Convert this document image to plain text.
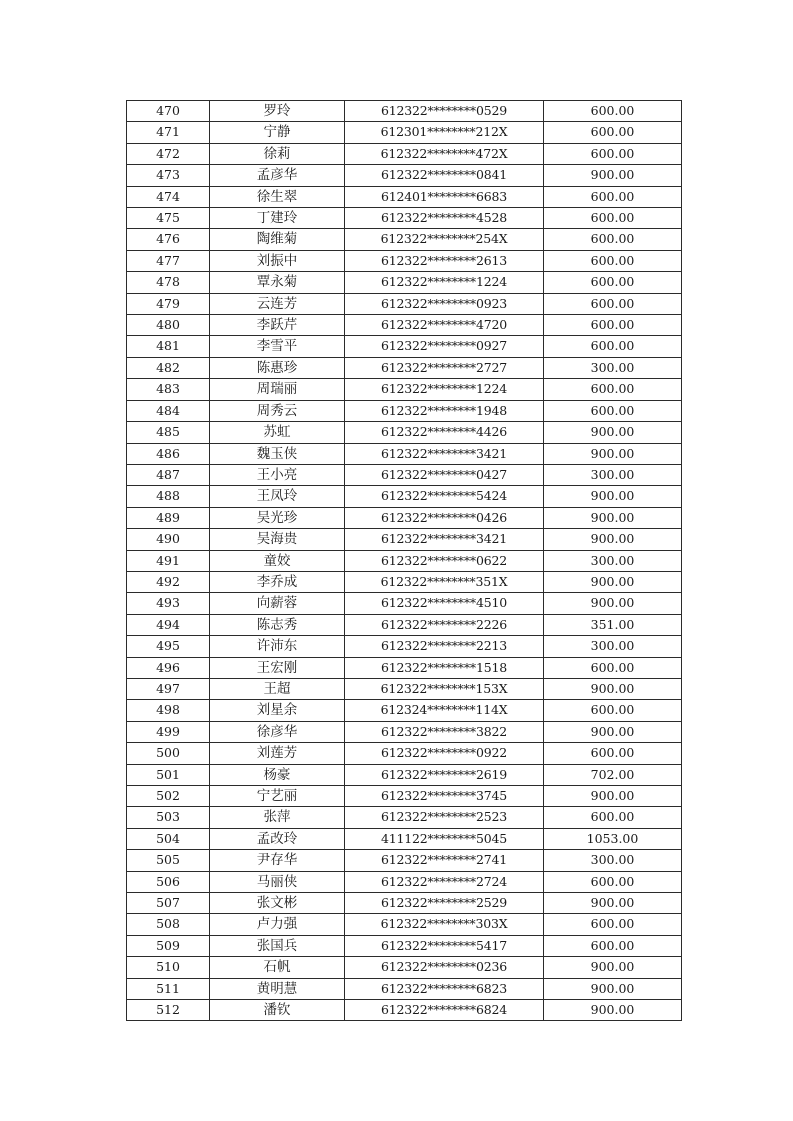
470	罗玲	612322********0529	600.00
471	宁静	612301********212X	600.00
472	徐莉	612322********472X	600.00
473	孟彦华	612322********0841	900.00
474	徐生翠	612401********6683	600.00
475	丁建玲	612322********4528	600.00
476	陶维菊	612322********254X	600.00
477	刘振中	612322********2613	600.00
478	覃永菊	612322********1224	600.00
479	云连芳	612322********0923	600.00
480	李跃芹	612322********4720	600.00
481	李雪平	612322********0927	600.00
482	陈惠珍	612322********2727	300.00
483	周瑞丽	612322********1224	600.00
484	周秀云	612322********1948	600.00
485	苏虹	612322********4426	900.00
486	魏玉侠	612322********3421	900.00
487	王小亮	612322********0427	300.00
488	王凤玲	612322********5424	900.00
489	吴光珍	612322********0426	900.00
490	吴海贵	612322********3421	900.00
491	童姣	612322********0622	300.00
492	李乔成	612322********351X	900.00
493	向薪蓉	612322********4510	900.00
494	陈志秀	612322********2226	351.00
495	许沛东	612322********2213	300.00
496	王宏刚	612322********1518	600.00
497	王超	612322********153X	900.00
498	刘星余	612324********114X	600.00
499	徐彦华	612322********3822	900.00
500	刘莲芳	612322********0922	600.00
501	杨豪	612322********2619	702.00
502	宁艺丽	612322********3745	900.00
503	张萍	612322********2523	600.00
504	孟改玲	411122********5045	1053.00
505	尹存华	612322********2741	300.00
506	马丽侠	612322********2724	600.00
507	张文彬	612322********2529	900.00
508	卢力强	612322********303X	600.00
509	张国兵	612322********5417	600.00
510	石帆	612322********0236	900.00
511	黄明慧	612322********6823	900.00
512	潘钦	612322********6824	900.00
